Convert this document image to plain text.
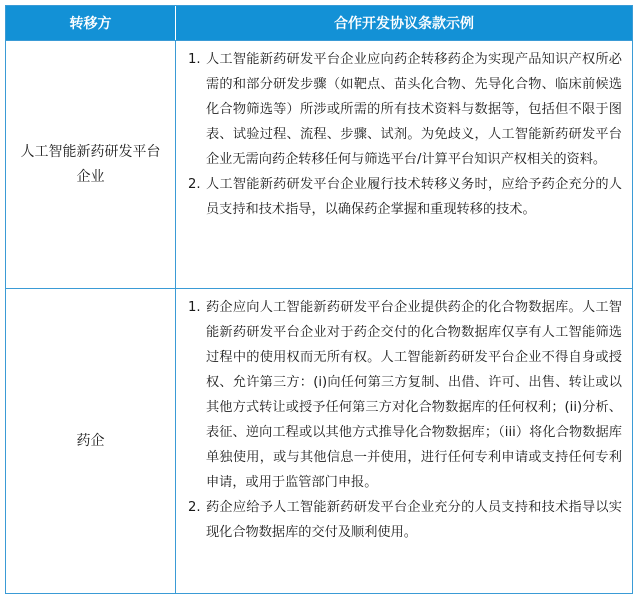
转移方	合作开发协议条款示例
人工智能新药研发平台企业
1. 人工智能新药研发平台企业应向药企转移药企为实现产品知识产权所必需的和部分研发步骤（如靶点、苗头化合物、先导化合物、临床前候选化合物筛选等）所涉或所需的所有技术资料与数据等，包括但不限于图表、试验过程、流程、步骤、试剂。为免歧义，人工智能新药研发平台企业无需向药企转移任何与筛选平台/计算平台知识产权相关的资料。
2. 人工智能新药研发平台企业履行技术转移义务时，应给予药企充分的人员支持和技术指导，以确保药企掌握和重现转移的技术。
药企
1. 药企应向人工智能新药研发平台企业提供药企的化合物数据库。人工智能新药研发平台企业对于药企交付的化合物数据库仅享有人工智能筛选过程中的使用权而无所有权。人工智能新药研发平台企业不得自身或授权、允许第三方：(i)向任何第三方复制、出借、许可、出售、转让或以其他方式转让或授予任何第三方对化合物数据库的任何权利；(ii)分析、表征、逆向工程或以其他方式推导化合物数据库；（iii）将化合物数据库单独使用，或与其他信息一并使用，进行任何专利申请或支持任何专利申请，或用于监管部门申报。
2. 药企应给予人工智能新药研发平台企业充分的人员支持和技术指导以实现化合物数据库的交付及顺利使用。
